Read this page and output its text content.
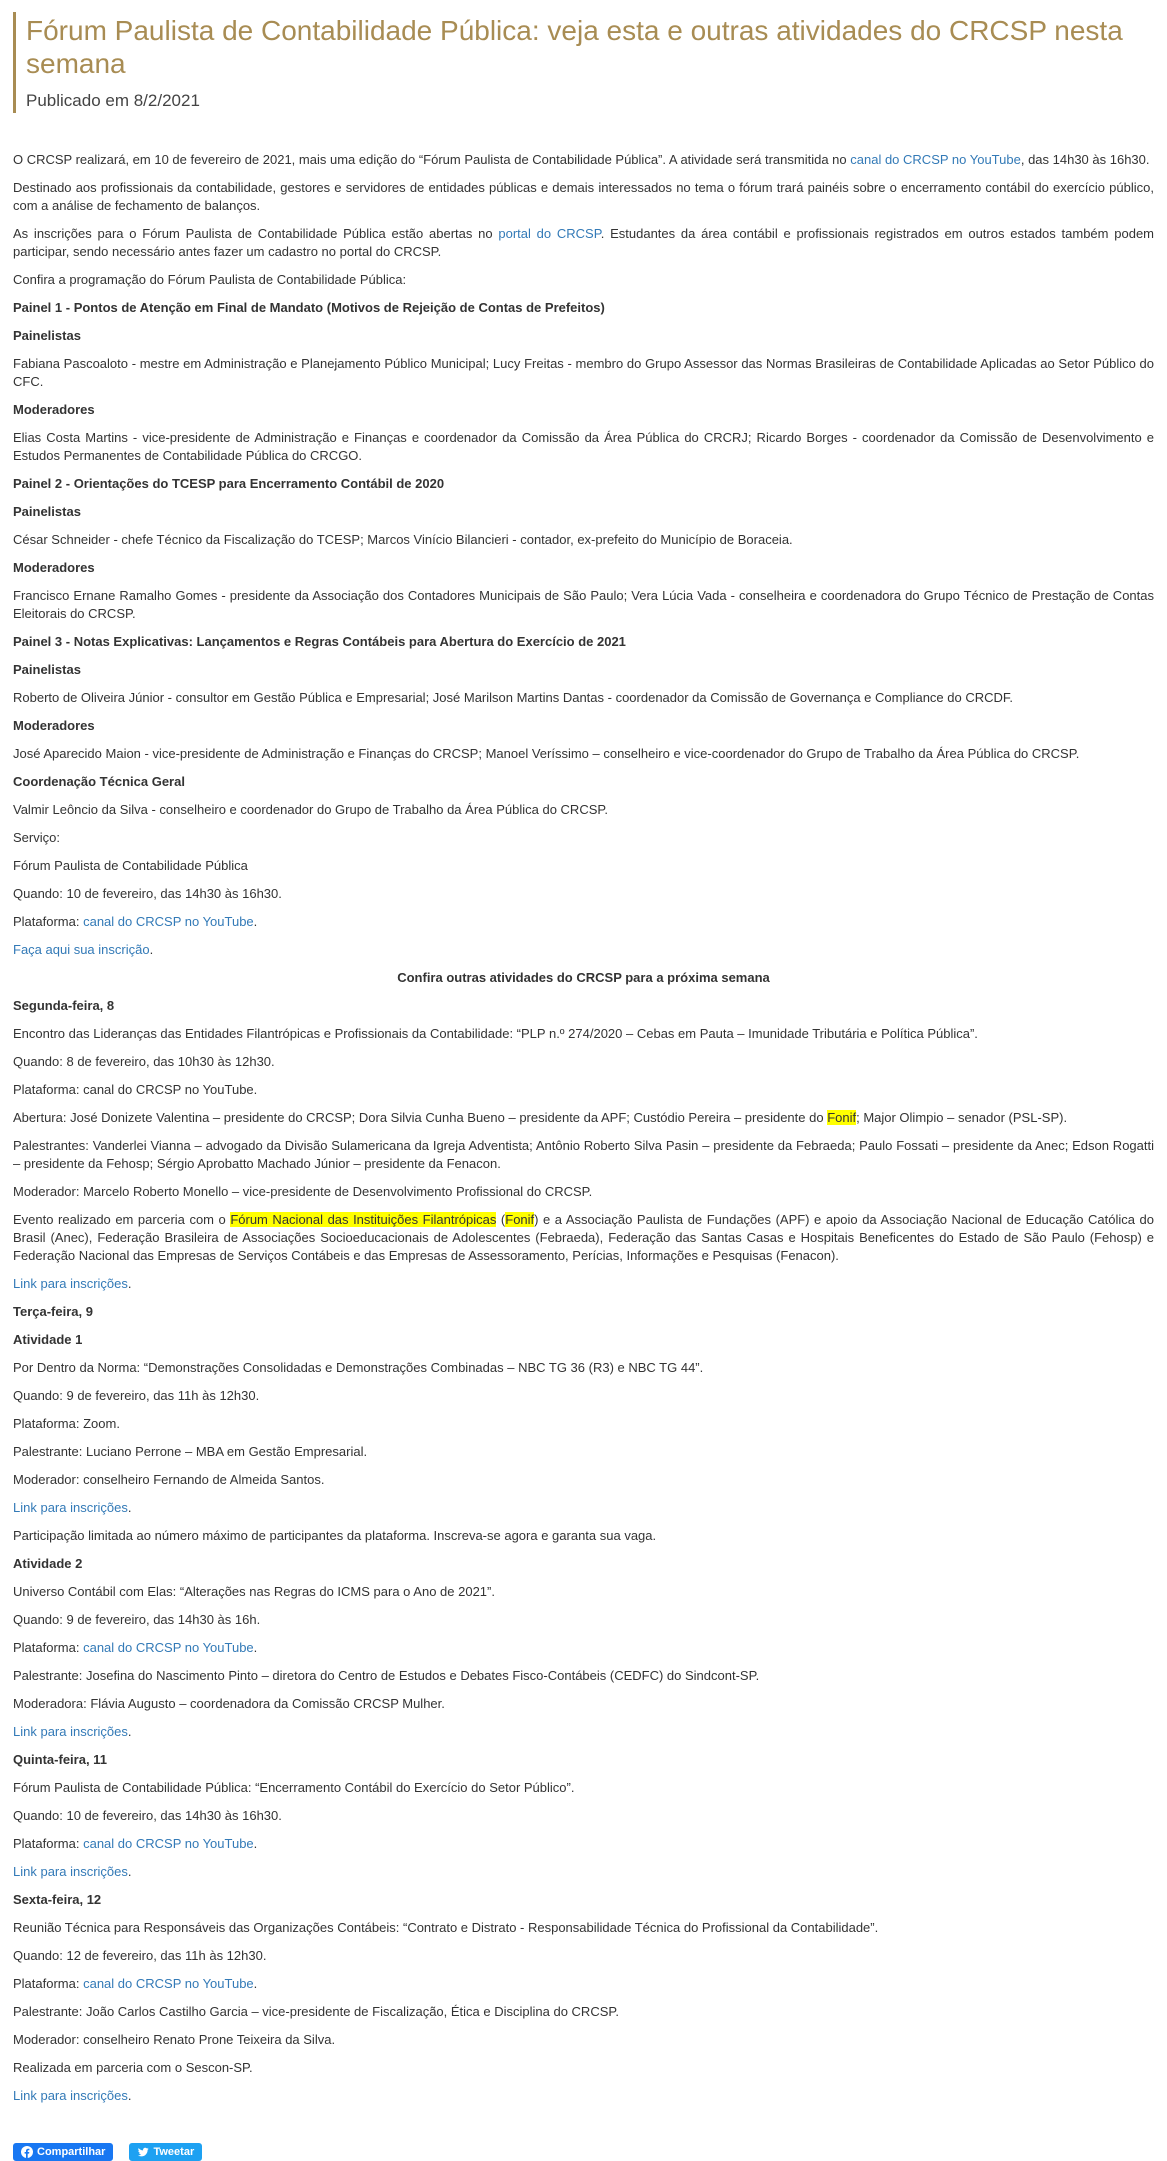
Fórum Paulista de Contabilidade Pública: veja esta e outras atividades do CRCSP nesta semana
Publicado em 8/2/2021

O CRCSP realizará, em 10 de fevereiro de 2021, mais uma edição do “Fórum Paulista de Contabilidade Pública”. A atividade será transmitida no canal do CRCSP no YouTube, das 14h30 às 16h30.

Destinado aos profissionais da contabilidade, gestores e servidores de entidades públicas e demais interessados no tema o fórum trará painéis sobre o encerramento contábil do exercício público, com a análise de fechamento de balanços.

As inscrições para o Fórum Paulista de Contabilidade Pública estão abertas no portal do CRCSP. Estudantes da área contábil e profissionais registrados em outros estados também podem participar, sendo necessário antes fazer um cadastro no portal do CRCSP.

Confira a programação do Fórum Paulista de Contabilidade Pública:

Painel 1 - Pontos de Atenção em Final de Mandato (Motivos de Rejeição de Contas de Prefeitos)

Painelistas

Fabiana Pascoaloto - mestre em Administração e Planejamento Público Municipal; Lucy Freitas - membro do Grupo Assessor das Normas Brasileiras de Contabilidade Aplicadas ao Setor Público do CFC.

Moderadores

Elias Costa Martins - vice-presidente de Administração e Finanças e coordenador da Comissão da Área Pública do CRCRJ; Ricardo Borges - coordenador da Comissão de Desenvolvimento e Estudos Permanentes de Contabilidade Pública do CRCGO.

Painel 2 - Orientações do TCESP para Encerramento Contábil de 2020

Painelistas

César Schneider - chefe Técnico da Fiscalização do TCESP; Marcos Vinício Bilancieri - contador, ex-prefeito do Município de Boraceia.

Moderadores

Francisco Ernane Ramalho Gomes - presidente da Associação dos Contadores Municipais de São Paulo; Vera Lúcia Vada - conselheira e coordenadora do Grupo Técnico de Prestação de Contas Eleitorais do CRCSP.

Painel 3 - Notas Explicativas: Lançamentos e Regras Contábeis para Abertura do Exercício de 2021

Painelistas

Roberto de Oliveira Júnior - consultor em Gestão Pública e Empresarial; José Marilson Martins Dantas - coordenador da Comissão de Governança e Compliance do CRCDF.

Moderadores

José Aparecido Maion - vice-presidente de Administração e Finanças do CRCSP; Manoel Veríssimo – conselheiro e vice-coordenador do Grupo de Trabalho da Área Pública do CRCSP.

Coordenação Técnica Geral

Valmir Leôncio da Silva - conselheiro e coordenador do Grupo de Trabalho da Área Pública do CRCSP.

Serviço:

Fórum Paulista de Contabilidade Pública

Quando: 10 de fevereiro, das 14h30 às 16h30.

Plataforma: canal do CRCSP no YouTube.

Faça aqui sua inscrição.

Confira outras atividades do CRCSP para a próxima semana

Segunda-feira, 8

Encontro das Lideranças das Entidades Filantrópicas e Profissionais da Contabilidade: “PLP n.º 274/2020 – Cebas em Pauta – Imunidade Tributária e Política Pública”.

Quando: 8 de fevereiro, das 10h30 às 12h30.

Plataforma: canal do CRCSP no YouTube.

Abertura: José Donizete Valentina – presidente do CRCSP; Dora Silvia Cunha Bueno – presidente da APF; Custódio Pereira – presidente do Fonif; Major Olimpio – senador (PSL-SP).

Palestrantes: Vanderlei Vianna – advogado da Divisão Sulamericana da Igreja Adventista; Antônio Roberto Silva Pasin – presidente da Febraeda; Paulo Fossati – presidente da Anec; Edson Rogatti – presidente da Fehosp; Sérgio Aprobatto Machado Júnior – presidente da Fenacon.

Moderador: Marcelo Roberto Monello – vice-presidente de Desenvolvimento Profissional do CRCSP.

Evento realizado em parceria com o Fórum Nacional das Instituições Filantrópicas (Fonif) e a Associação Paulista de Fundações (APF) e apoio da Associação Nacional de Educação Católica do Brasil (Anec), Federação Brasileira de Associações Socioeducacionais de Adolescentes (Febraeda), Federação das Santas Casas e Hospitais Beneficentes do Estado de São Paulo (Fehosp) e Federação Nacional das Empresas de Serviços Contábeis e das Empresas de Assessoramento, Perícias, Informações e Pesquisas (Fenacon).

Link para inscrições.

Terça-feira, 9

Atividade 1

Por Dentro da Norma: “Demonstrações Consolidadas e Demonstrações Combinadas – NBC TG 36 (R3) e NBC TG 44”.

Quando: 9 de fevereiro, das 11h às 12h30.

Plataforma: Zoom.

Palestrante: Luciano Perrone – MBA em Gestão Empresarial.

Moderador: conselheiro Fernando de Almeida Santos.

Link para inscrições.

Participação limitada ao número máximo de participantes da plataforma. Inscreva-se agora e garanta sua vaga.

Atividade 2

Universo Contábil com Elas: “Alterações nas Regras do ICMS para o Ano de 2021”.

Quando: 9 de fevereiro, das 14h30 às 16h.

Plataforma: canal do CRCSP no YouTube.

Palestrante: Josefina do Nascimento Pinto – diretora do Centro de Estudos e Debates Fisco-Contábeis (CEDFC) do Sindcont-SP.

Moderadora: Flávia Augusto – coordenadora da Comissão CRCSP Mulher.

Link para inscrições.

Quinta-feira, 11

Fórum Paulista de Contabilidade Pública: “Encerramento Contábil do Exercício do Setor Público”.

Quando: 10 de fevereiro, das 14h30 às 16h30.

Plataforma: canal do CRCSP no YouTube.

Link para inscrições.

Sexta-feira, 12

Reunião Técnica para Responsáveis das Organizações Contábeis: “Contrato e Distrato - Responsabilidade Técnica do Profissional da Contabilidade”.

Quando: 12 de fevereiro, das 11h às 12h30.

Plataforma: canal do CRCSP no YouTube.

Palestrante: João Carlos Castilho Garcia – vice-presidente de Fiscalização, Ética e Disciplina do CRCSP.

Moderador: conselheiro Renato Prone Teixeira da Silva.

Realizada em parceria com o Sescon-SP.

Link para inscrições.

Compartilhar	Tweetar
